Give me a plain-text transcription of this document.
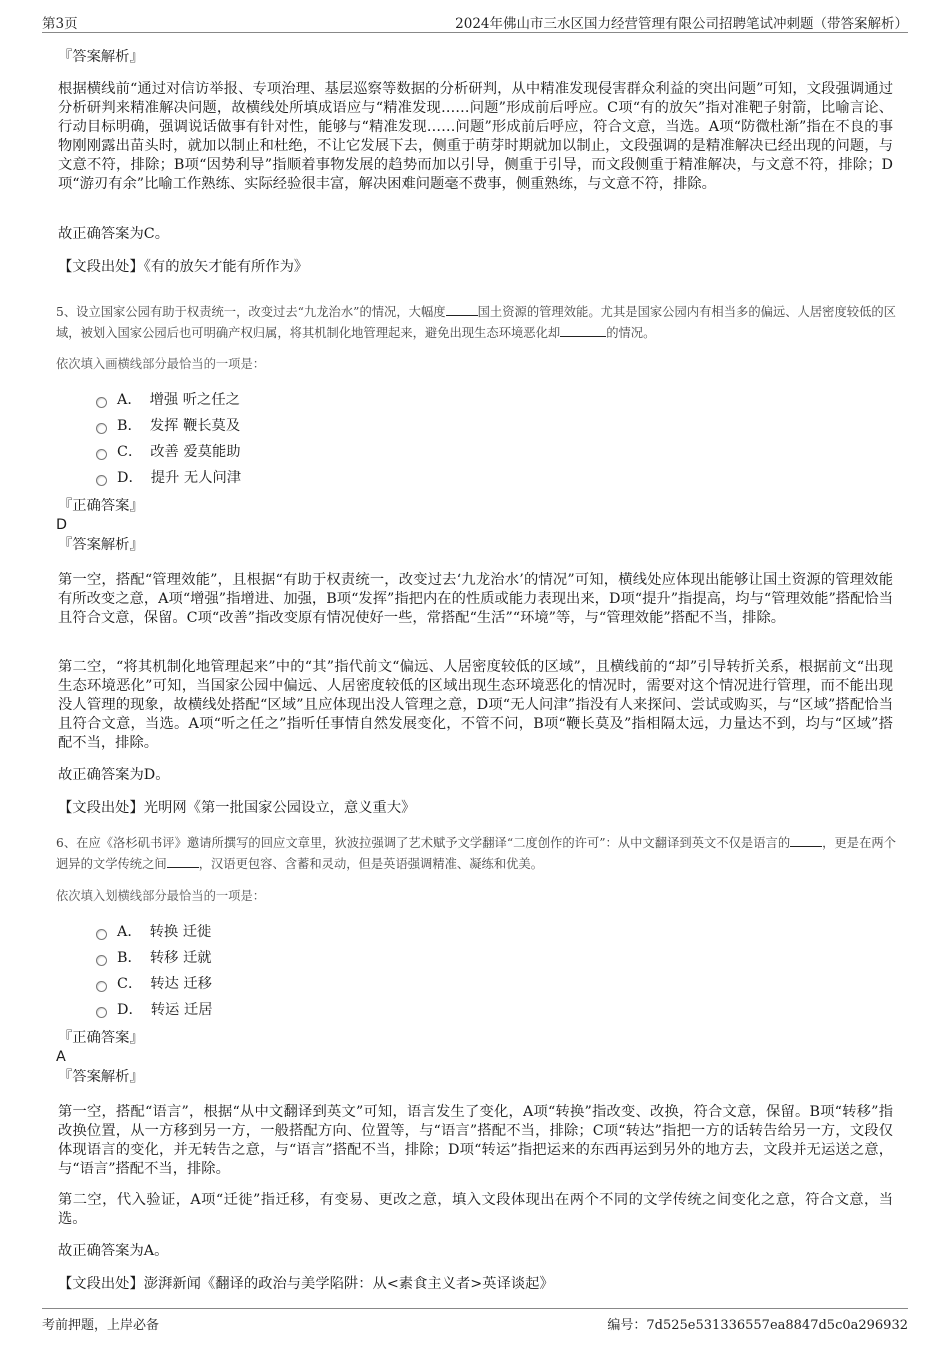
第3页	2024年佛山市三水区国力经营管理有限公司招聘笔试冲刺题（带答案解析）
『答案解析』
根据横线前“通过对信访举报、专项治理、基层巡察等数据的分析研判，从中精准发现侵害群众利益的突出问题”可知，文段强调通过分析研判来精准解决问题，故横线处所填成语应与“精准发现……问题”形成前后呼应。C项“有的放矢”指对准靶子射箭，比喻言论、行动目标明确，强调说话做事有针对性，能够与“精准发现……问题”形成前后呼应，符合文意，当选。A项“防微杜渐”指在不良的事物刚刚露出苗头时，就加以制止和杜绝，不让它发展下去，侧重于萌芽时期就加以制止，文段强调的是精准解决已经出现的问题，与文意不符，排除；B项“因势利导”指顺着事物发展的趋势而加以引导，侧重于引导，而文段侧重于精准解决，与文意不符，排除；D项“游刃有余”比喻工作熟练、实际经验很丰富，解决困难问题毫不费事，侧重熟练，与文意不符，排除。
故正确答案为C。
【文段出处】《有的放矢才能有所作为》
5、设立国家公园有助于权责统一，改变过去“九龙治水”的情况，大幅度	国土资源的管理效能。尤其是国家公园内有相当多的偏远、人居密度较低的区域，被划入国家公园后也可明确产权归属，将其机制化地管理起来，避免出现生态环境恶化却	的情况。
依次填入画横线部分最恰当的一项是：
A． 增强 听之任之
B． 发挥 鞭长莫及
C． 改善 爱莫能助
D． 提升 无人问津
『正确答案』
D
『答案解析』
第一空，搭配“管理效能”，且根据“有助于权责统一，改变过去‘九龙治水’的情况”可知，横线处应体现出能够让国土资源的管理效能有所改变之意，A项“增强”指增进、加强，B项“发挥”指把内在的性质或能力表现出来，D项“提升”指提高，均与“管理效能”搭配恰当且符合文意，保留。C项“改善”指改变原有情况使好一些，常搭配“生活”“环境”等，与“管理效能”搭配不当，排除。
第二空，“将其机制化地管理起来”中的“其”指代前文“偏远、人居密度较低的区域”，且横线前的“却”引导转折关系，根据前文“出现生态环境恶化”可知，当国家公园中偏远、人居密度较低的区域出现生态环境恶化的情况时，需要对这个情况进行管理，而不能出现没人管理的现象，故横线处搭配“区域”且应体现出没人管理之意，D项“无人问津”指没有人来探问、尝试或购买，与“区域”搭配恰当且符合文意，当选。A项“听之任之”指听任事情自然发展变化，不管不问，B项“鞭长莫及”指相隔太远，力量达不到，均与“区域”搭配不当，排除。
故正确答案为D。
【文段出处】光明网《第一批国家公园设立，意义重大》
6、在应《洛杉矶书评》邀请所撰写的回应文章里，狄波拉强调了艺术赋予文学翻译“二度创作的许可”：从中文翻译到英文不仅是语言的	，更是在两个迥异的文学传统之间	，汉语更包容、含蓄和灵动，但是英语强调精准、凝练和优美。
依次填入划横线部分最恰当的一项是：
A． 转换 迁徙
B． 转移 迁就
C． 转达 迁移
D． 转运 迁居
『正确答案』
A
『答案解析』
第一空，搭配“语言”，根据“从中文翻译到英文”可知，语言发生了变化，A项“转换”指改变、改换，符合文意，保留。B项“转移”指改换位置，从一方移到另一方，一般搭配方向、位置等，与“语言”搭配不当，排除；C项“转达”指把一方的话转告给另一方，文段仅体现语言的变化，并无转告之意，与“语言”搭配不当，排除；D项“转运”指把运来的东西再运到另外的地方去，文段并无运送之意，与“语言”搭配不当，排除。
第二空，代入验证，A项“迁徙”指迁移，有变易、更改之意，填入文段体现出在两个不同的文学传统之间变化之意，符合文意，当选。
故正确答案为A。
【文段出处】澎湃新闻《翻译的政治与美学陷阱：从<素食主义者>英译谈起》
考前押题，上岸必备	编号：7d525e531336557ea8847d5c0a296932
